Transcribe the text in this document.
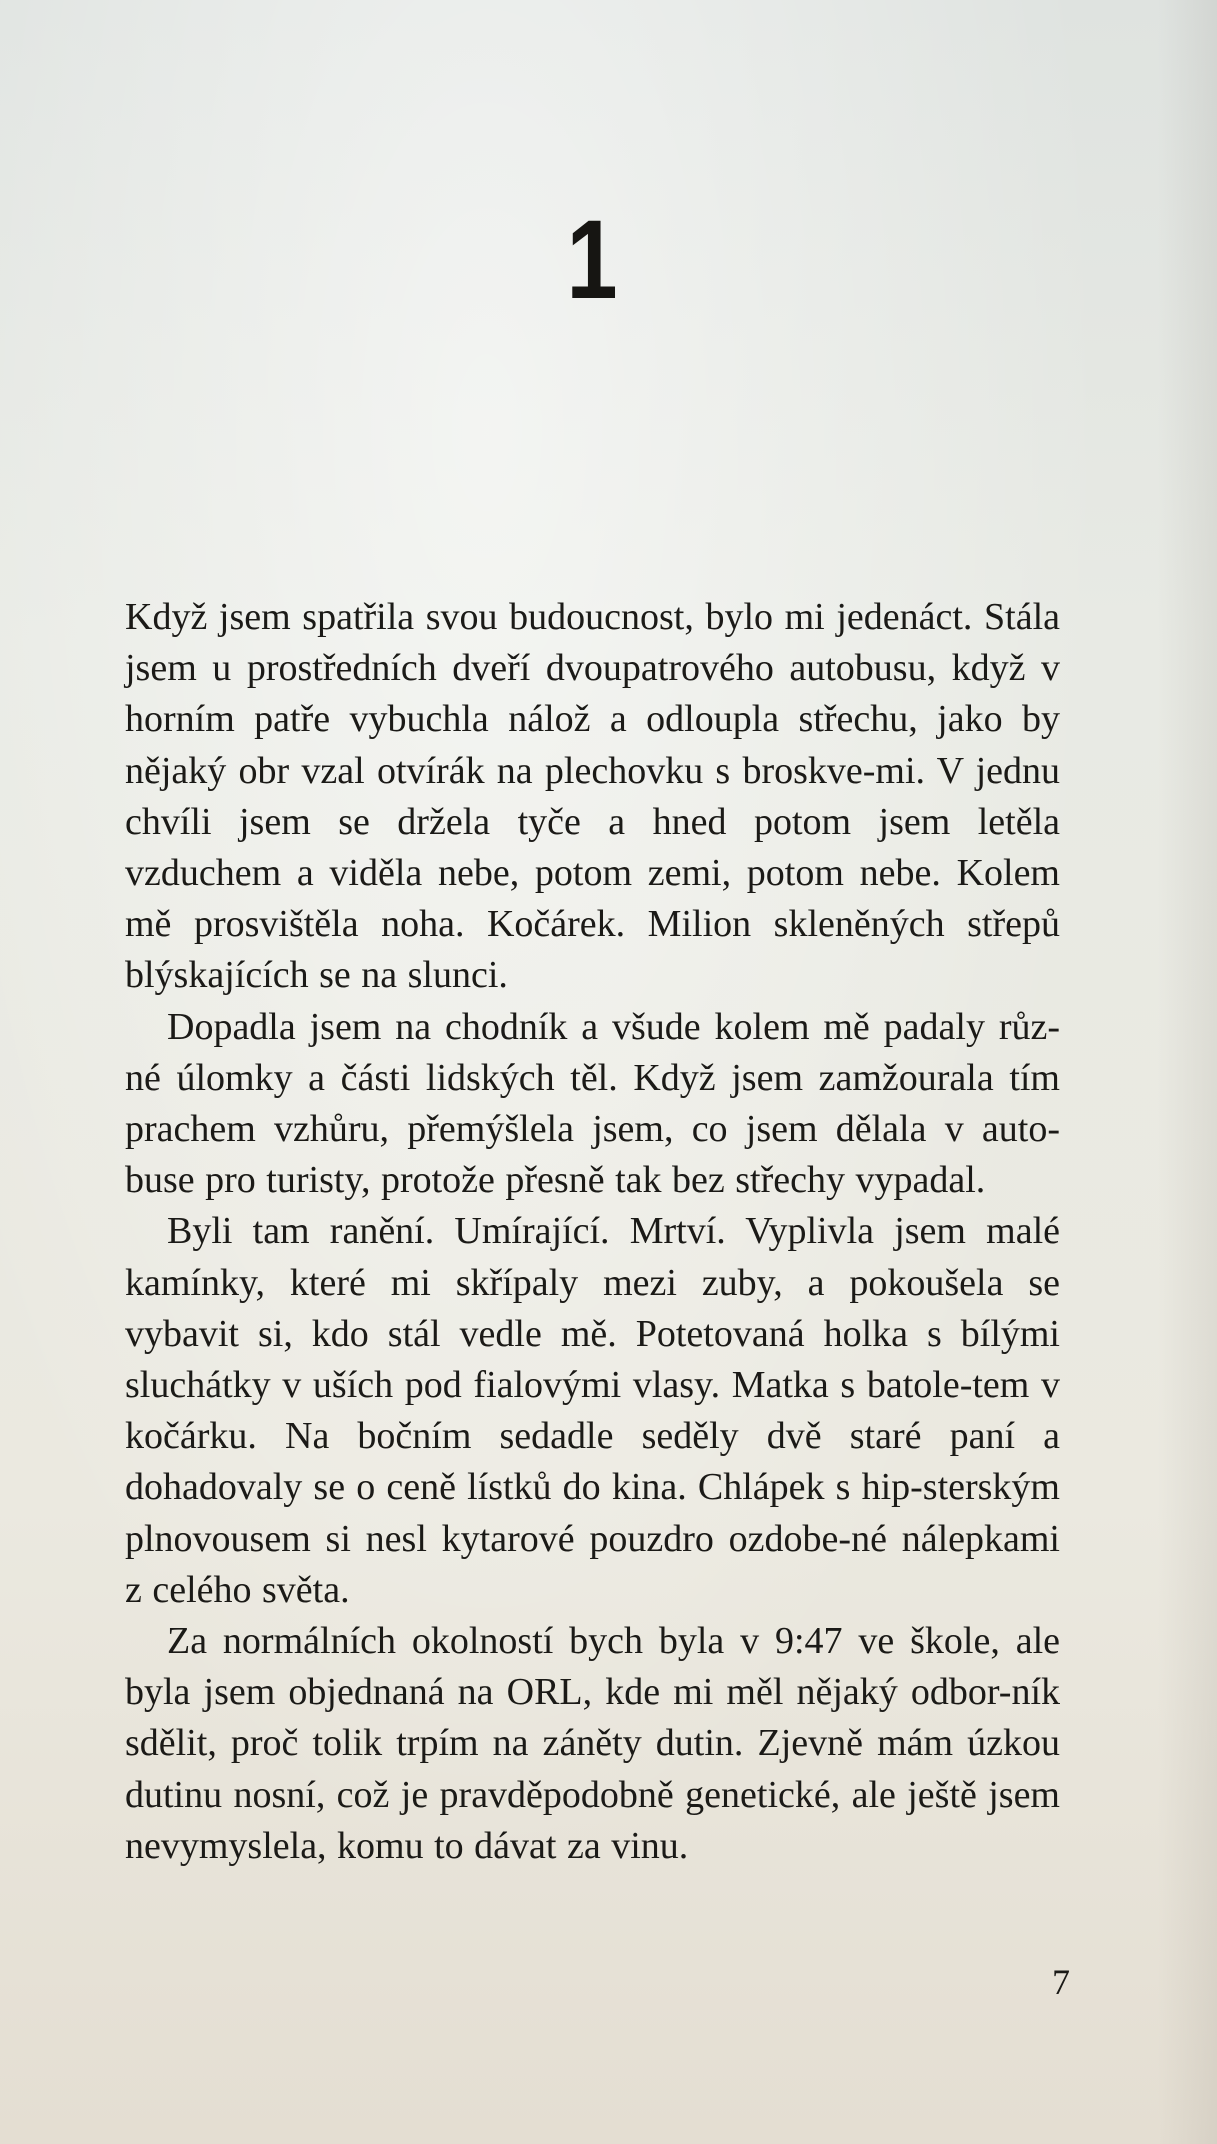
1

Když jsem spatřila svou budoucnost, bylo mi jedenáct. Stála jsem u prostředních dveří dvoupatrového autobusu, když v horním patře vybuchla nálož a odloupla střechu, jako by nějaký obr vzal otvírák na plechovku s broskve-mi. V jednu chvíli jsem se držela tyče a hned potom jsem letěla vzduchem a viděla nebe, potom zemi, potom nebe. Kolem mě prosvištěla noha. Kočárek. Milion skleněných střepů blýskajících se na slunci.

Dopadla jsem na chodník a všude kolem mě padaly růz-né úlomky a části lidských těl. Když jsem zamžourala tím prachem vzhůru, přemýšlela jsem, co jsem dělala v auto-buse pro turisty, protože přesně tak bez střechy vypadal.

Byli tam ranění. Umírající. Mrtví. Vyplivla jsem malé kamínky, které mi skřípaly mezi zuby, a pokoušela se vybavit si, kdo stál vedle mě. Potetovaná holka s bílými sluchátky v uších pod fialovými vlasy. Matka s batole-tem v kočárku. Na bočním sedadle seděly dvě staré paní a dohadovaly se o ceně lístků do kina. Chlápek s hip-sterským plnovousem si nesl kytarové pouzdro ozdobe-né nálepkami z celého světa.

Za normálních okolností bych byla v 9:47 ve škole, ale byla jsem objednaná na ORL, kde mi měl nějaký odbor-ník sdělit, proč tolik trpím na záněty dutin. Zjevně mám úzkou dutinu nosní, což je pravděpodobně genetické, ale ještě jsem nevymyslela, komu to dávat za vinu.

7
